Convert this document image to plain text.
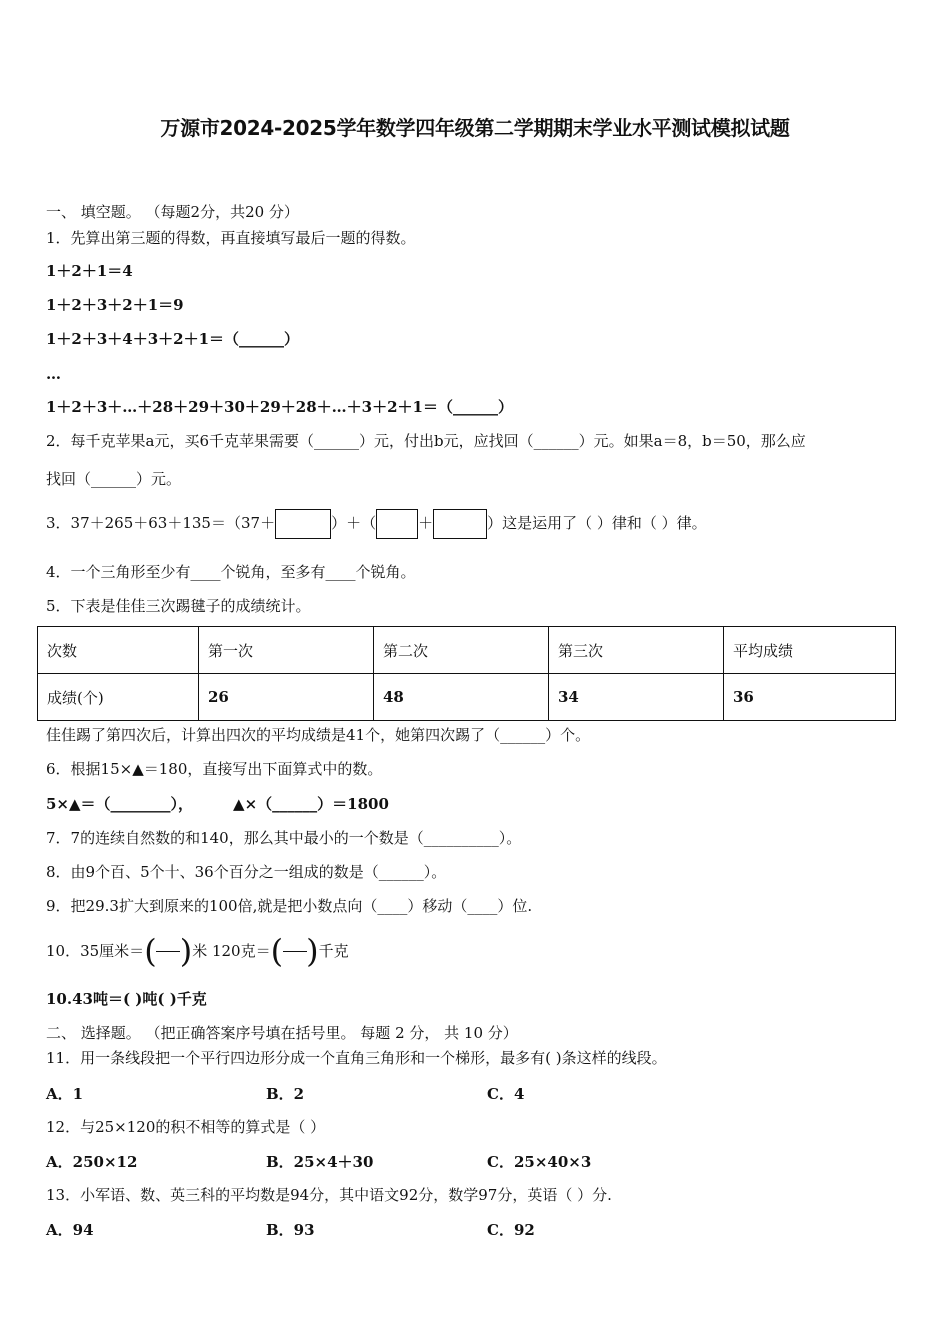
万源市2024-2025学年数学四年级第二学期期末学业水平测试模拟试题
一、 填空题。 （每题2分，共20 分）
1．先算出第三题的得数，再直接填写最后一题的得数。
1＋2＋1＝4
1＋2＋3＋2＋1＝9
1＋2＋3＋4＋3＋2＋1＝（______）
…
1＋2＋3＋…＋28＋29＋30＋29＋28＋…＋3＋2＋1＝（______）
2．每千克苹果a元，买6千克苹果需要（______）元，付出b元，应找回（______）元。如果a＝8，b＝50，那么应
找回（______）元。
3．37＋265＋63＋135＝（37＋	）＋（	＋	）这是运用了（ ）律和（ ）律。
4．一个三角形至少有____个锐角，至多有____个锐角。
5．下表是佳佳三次踢毽子的成绩统计。
次数	第一次	第二次	第三次	平均成绩
成绩(个)	26	48	34	36
佳佳踢了第四次后，计算出四次的平均成绩是41个，她第四次踢了（______）个。
6．根据15×▲＝180，直接写出下面算式中的数。
5×▲＝（________），	▲×（______）＝1800
7．7的连续自然数的和140，那么其中最小的一个数是（__________）。
8．由9个百、5个十、36个百分之一组成的数是（______）。
9．把29.3扩大到原来的100倍,就是把小数点向（____）移动（____）位.
10．35厘米＝ ( ) 米 120克＝ ( ) 千克
10.43吨＝( )吨( )千克
二、 选择题。 （把正确答案序号填在括号里。 每题 2 分， 共 10 分）
11．用一条线段把一个平行四边形分成一个直角三角形和一个梯形，最多有( )条这样的线段。
A．1	B．2	C．4
12．与25×120的积不相等的算式是（ ）
A．250×12	B．25×4＋30	C．25×40×3
13．小军语、数、英三科的平均数是94分，其中语文92分，数学97分，英语（ ）分.
A．94	B．93	C．92
